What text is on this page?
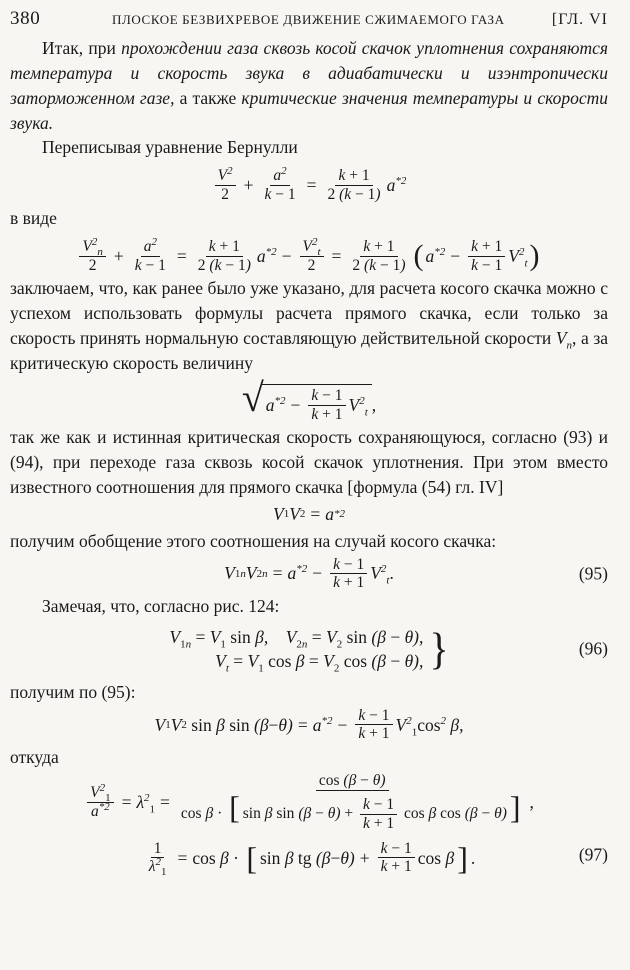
380	ПЛОСКОЕ БЕЗВИХРЕВОЕ ДВИЖЕНИЕ СЖИМАЕМОГО ГАЗА	[ГЛ. VI

Итак, при прохождении газа сквозь косой скачок уплотнения сохраняются температура и скорость звука в адиабатически и изэнтропически заторможенном газе, а также критические значения температуры и скорости звука.

Переписывая уравнение Бернулли

$\frac{V^2}{2} + \frac{a^2}{k - 1} = \frac{k + 1}{2 (k - 1)} a^{*2}$

в виде

$\frac{V^2_n}{2} + \frac{a^2}{k - 1} = \frac{k + 1}{2 (k - 1)} a^{*2} - \frac{V^2_t}{2} = \frac{k + 1}{2 (k - 1)}$ ( $a^{*2} - \frac{k + 1}{k - 1} V^2_t$ )

заключаем, что, как ранее было уже указано, для расчета косого скачка можно с успехом использовать формулы расчета прямого скачка, если только за скорость принять нормальную составляющую действительной скорости $V_n$, а за критическую скорость величину

√ $a^{*2} - \frac{k - 1}{k + 1} V^2_t$ ,

так же как и истинная критическая скорость сохраняющуюся, согласно (93) и (94), при переходе газа сквозь косой скачок уплотнения. При этом вместо известного соотношения для прямого скачка [формула (54) гл. IV]

V 1 V 2 = a *2

получим обобщение этого соотношения на случай косого скачка:

V 1n V $2n = a^{*2} - \frac{k - 1}{k + 1} V^2_t$.	(95)

Замечая, что, согласно рис. 124:

$V_{1n} = V_1$ sin β,    $V_{2n} = V_2$ sin (β − θ),
$V_t = V_1$ $\cos \beta = V_2$ cos (β − θ), }	(96)

получим по (95):

V 1 V 2 sin β $\sin (\beta - \theta) = a^{*2} - \frac{k - 1}{k + 1} V^2_1\cos^2$ β,

откуда

$\frac{V^2_1}{a^{*2}} = \lambda^2_1 = \frac{\cos (\beta - \theta)}{\cos \beta \cdot [ \sin \beta \sin (\beta - \theta) + \frac{k - 1}{k + 1} \cos \beta \cos (\beta - \theta)]}$ ,
$\frac{1}{\lambda^2_1} = \cos \beta$ · [ sin β tg $(\beta - \theta) + \frac{k - 1}{k + 1}$ cos β ] .	(97)
